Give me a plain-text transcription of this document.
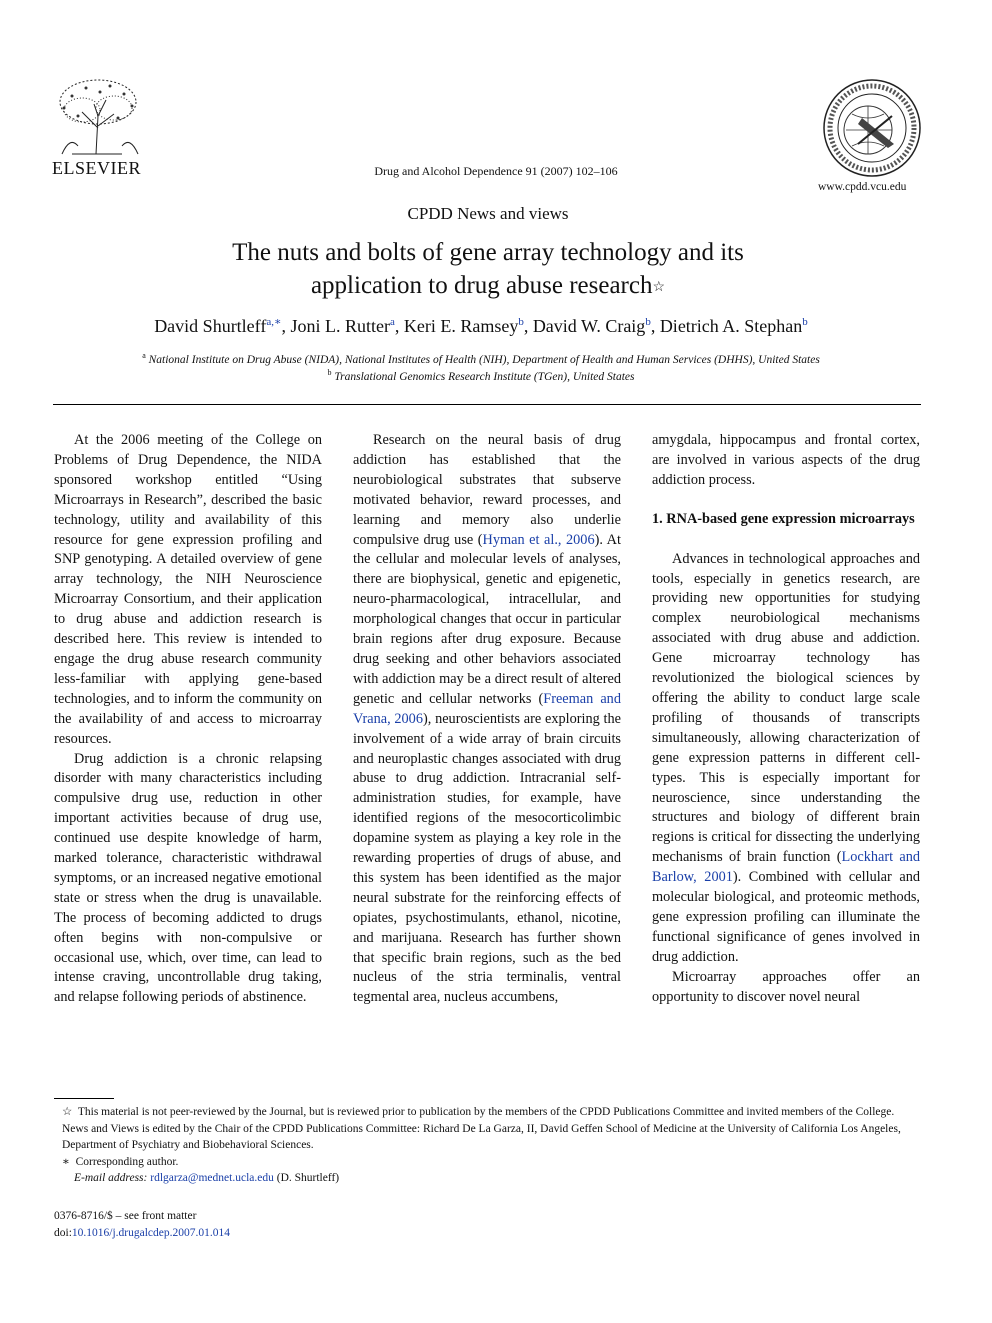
ELSEVIER	Drug and Alcohol Dependence 91 (2007) 102–106
www.cpdd.vcu.edu
CPDD News and views
The nuts and bolts of gene array technology and its
application to drug abuse research☆
David Shurtleff$^{a,∗}$, Joni L. Rutter$^a$, Keri E. Ramsey$^b$, David W. Craig$^b$, Dietrich A. Stephan$^b$
$^a$ National Institute on Drug Abuse (NIDA), National Institutes of Health (NIH), Department of Health and Human Services (DHHS), United States
$^b$ Translational Genomics Research Institute (TGen), United States

At the 2006 meeting of the College on Problems of Drug Dependence, the NIDA sponsored workshop entitled “Using Microarrays in Research”, described the basic technology, utility and availability of this resource for gene expression profiling and SNP genotyping. A detailed overview of gene array technology, the NIH Neuroscience Microarray Consortium, and their application to drug abuse and addiction research is described here. This review is intended to engage the drug abuse research community less-familiar with applying gene-based technologies, and to inform the community on the availability of and access to microarray resources.

Drug addiction is a chronic relapsing disorder with many characteristics including compulsive drug use, reduction in other important activities because of drug use, continued use despite knowledge of harm, marked tolerance, characteristic withdrawal symptoms, or an increased negative emotional state or stress when the drug is unavailable. The process of becoming addicted to drugs often begins with non-compulsive or occasional use, which, over time, can lead to intense craving, uncontrollable drug taking, and relapse following periods of abstinence.

Research on the neural basis of drug addiction has established that the neurobiological substrates that subserve motivated behavior, reward processes, and learning and memory also underlie compulsive drug use (Hyman et al., 2006). At the cellular and molecular levels of analyses, there are biophysical, genetic and epigenetic, neuro-pharmacological, intracellular, and morphological changes that occur in particular brain regions after drug exposure. Because drug seeking and other behaviors associated with addiction may be a direct result of altered genetic and cellular networks (Freeman and Vrana, 2006), neuroscientists are exploring the involvement of a wide array of brain circuits and neuroplastic changes associated with drug abuse to drug addiction. Intracranial self-administration studies, for example, have identified regions of the mesocorticolimbic dopamine system as playing a key role in the rewarding properties of drugs of abuse, and this system has been identified as the major neural substrate for the reinforcing effects of opiates, psychostimulants, ethanol, nicotine, and marijuana. Research has further shown that specific brain regions, such as the bed nucleus of the stria terminalis, ventral tegmental area, nucleus accumbens,

amygdala, hippocampus and frontal cortex, are involved in various aspects of the drug addiction process.

1. RNA-based gene expression microarrays

Advances in technological approaches and tools, especially in genetics research, are providing new opportunities for studying complex neurobiological mechanisms associated with drug abuse and addiction. Gene microarray technology has revolutionized the biological sciences by offering the ability to conduct large scale profiling of thousands of transcripts simultaneously, allowing characterization of gene expression patterns in different cell-types. This is especially important for neuroscience, since understanding the structures and biology of different brain regions is critical for dissecting the underlying mechanisms of brain function (Lockhart and Barlow, 2001). Combined with cellular and molecular biological, and proteomic methods, gene expression profiling can illuminate the functional significance of genes involved in drug addiction.

Microarray approaches offer an opportunity to discover novel neural

☆ This material is not peer-reviewed by the Journal, but is reviewed prior to publication by the members of the CPDD Publications Committee and invited members of the College. News and Views is edited by the Chair of the CPDD Publications Committee: Richard De La Garza, II, David Geffen School of Medicine at the University of California Los Angeles, Department of Psychiatry and Biobehavioral Sciences.

∗ Corresponding author.

E-mail address: rdlgarza@mednet.ucla.edu (D. Shurtleff)

0376-8716/$ – see front matter

doi:10.1016/j.drugalcdep.2007.01.014
